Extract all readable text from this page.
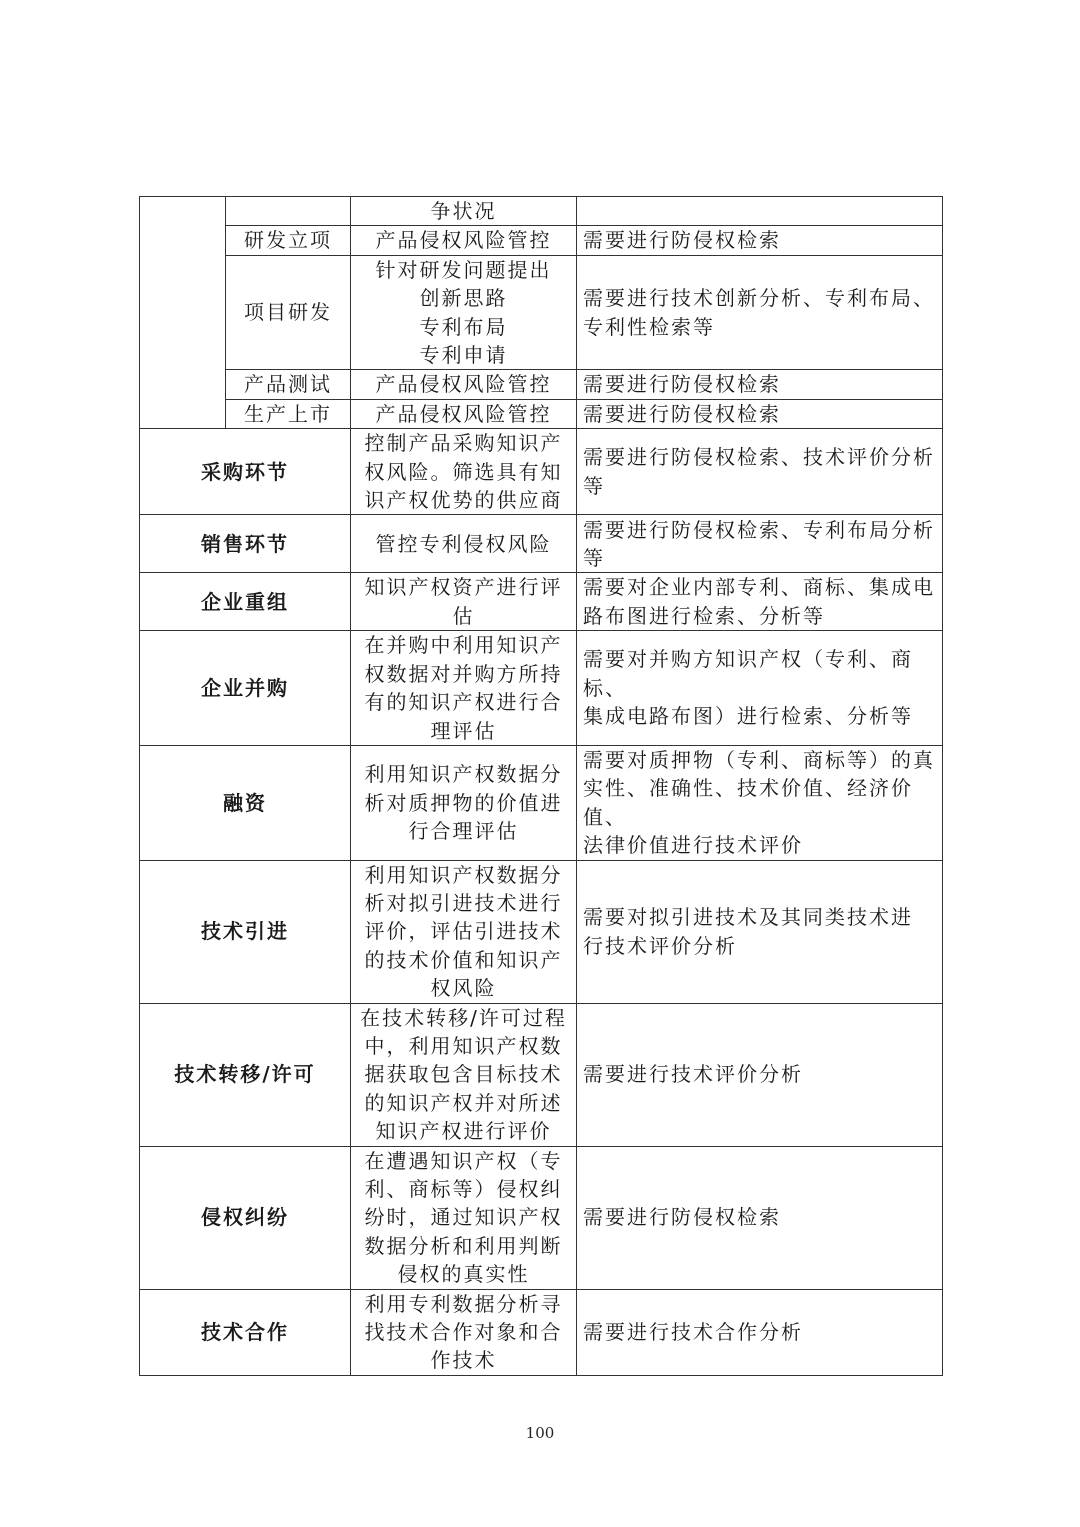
		争状况	

	研发立项	产品侵权风险管控	需要进行防侵权检索

	项目研发	针对研发问题提出
创新思路
专利布局
专利申请	需要进行技术创新分析、专利布局、
专利性检索等

	产品测试	产品侵权风险管控	需要进行防侵权检索

	生产上市	产品侵权风险管控	需要进行防侵权检索

采购环节		控制产品采购知识产
权风险。筛选具有知
识产权优势的供应商	需要进行防侵权检索、技术评价分析
等

销售环节		管控专利侵权风险	需要进行防侵权检索、专利布局分析
等

企业重组		知识产权资产进行评
估	需要对企业内部专利、商标、集成电
路布图进行检索、分析等

企业并购		在并购中利用知识产
权数据对并购方所持
有的知识产权进行合
理评估	需要对并购方知识产权（专利、商标、
集成电路布图）进行检索、分析等

融资		利用知识产权数据分
析对质押物的价值进
行合理评估	需要对质押物（专利、商标等）的真
实性、准确性、技术价值、经济价值、
法律价值进行技术评价

技术引进		利用知识产权数据分
析对拟引进技术进行
评价，评估引进技术
的技术价值和知识产
权风险	需要对拟引进技术及其同类技术进
行技术评价分析

技术转移/许可		在技术转移/许可过程
中，利用知识产权数
据获取包含目标技术
的知识产权并对所述
知识产权进行评价	需要进行技术评价分析

侵权纠纷		在遭遇知识产权（专
利、商标等）侵权纠
纷时，通过知识产权
数据分析和利用判断
侵权的真实性	需要进行防侵权检索

技术合作		利用专利数据分析寻
找技术合作对象和合
作技术	需要进行技术合作分析
100
